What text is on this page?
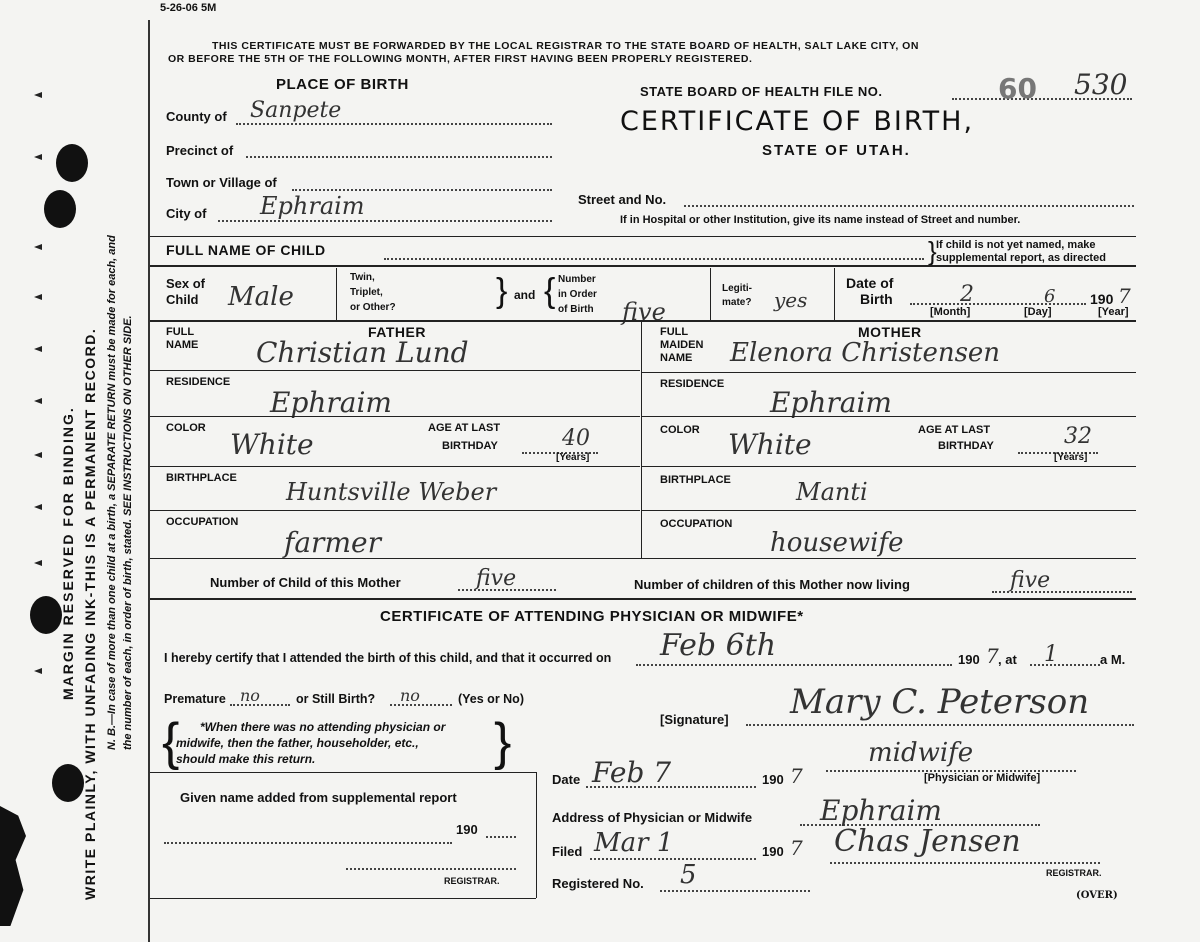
5-26-06 5M
MARGIN RESERVED FOR BINDING. WRITE PLAINLY, WITH UNFADING INK-THIS IS A PERMANENT RECORD. N. B.—In case of more than one child at a birth, a SEPARATE RETURN must be made for each, and the number of each, in order of birth, stated. SEE INSTRUCTIONS ON OTHER SIDE.
THIS CERTIFICATE MUST BE FORWARDED BY THE LOCAL REGISTRAR TO THE STATE BOARD OF HEALTH, SALT LAKE CITY, ON
OR BEFORE THE 5TH OF THE FOLLOWING MONTH, AFTER FIRST HAVING BEEN PROPERLY REGISTERED.
PLACE OF BIRTH	STATE BOARD OF HEALTH FILE NO.	60 530
CERTIFICATE OF BIRTH,
STATE OF UTAH.
County of Sanpete
Precinct of
Town or Village of
City of Ephraim	Street and No.
If in Hospital or other Institution, give its name instead of Street and number.
FULL NAME OF CHILD	If child is not yet named, make
supplemental report, as directed
}
Sex of
Child Male
Twin,
Triplet,
or Other?	} and { Number
in Order
of Birth five
Legiti-
mate? yes
Date of
Birth	2	6 190 7
[Month]	[Day]	[Year]
FULL
NAME
FATHER
Christian Lund
RESIDENCE
Ephraim
COLOR White	AGE AT LAST
BIRTHDAY	40
[Years]
BIRTHPLACE Huntsville Weber
OCCUPATION
farmer
FULL
MAIDEN
NAME
MOTHER
Elenora Christensen
RESIDENCE
Ephraim
COLOR White	AGE AT LAST
BIRTHDAY	32
[Years]
BIRTHPLACE	Manti
OCCUPATION
housewife
Number of Child of this Mother	five	Number of children of this Mother now living	five
CERTIFICATE OF ATTENDING PHYSICIAN OR MIDWIFE*
I hereby certify that I attended the birth of this child, and that it occurred on Feb 6th	190 7 , at 1	a M.
Premature no	or Still Birth? no	(Yes or No)
{ *When there was no attending physician or
midwife, then the father, householder, etc.,
should make this return.	}	[Signature] Mary C. Peterson
midwife
[Physician or Midwife]
Date Feb 7	190 7
Address of Physician or Midwife Ephraim
Given name added from supplemental report
190
REGISTRAR.
Filed Mar 1	190 7 Chas Jensen
REGISTRAR.
Registered No. 5
(OVER)
